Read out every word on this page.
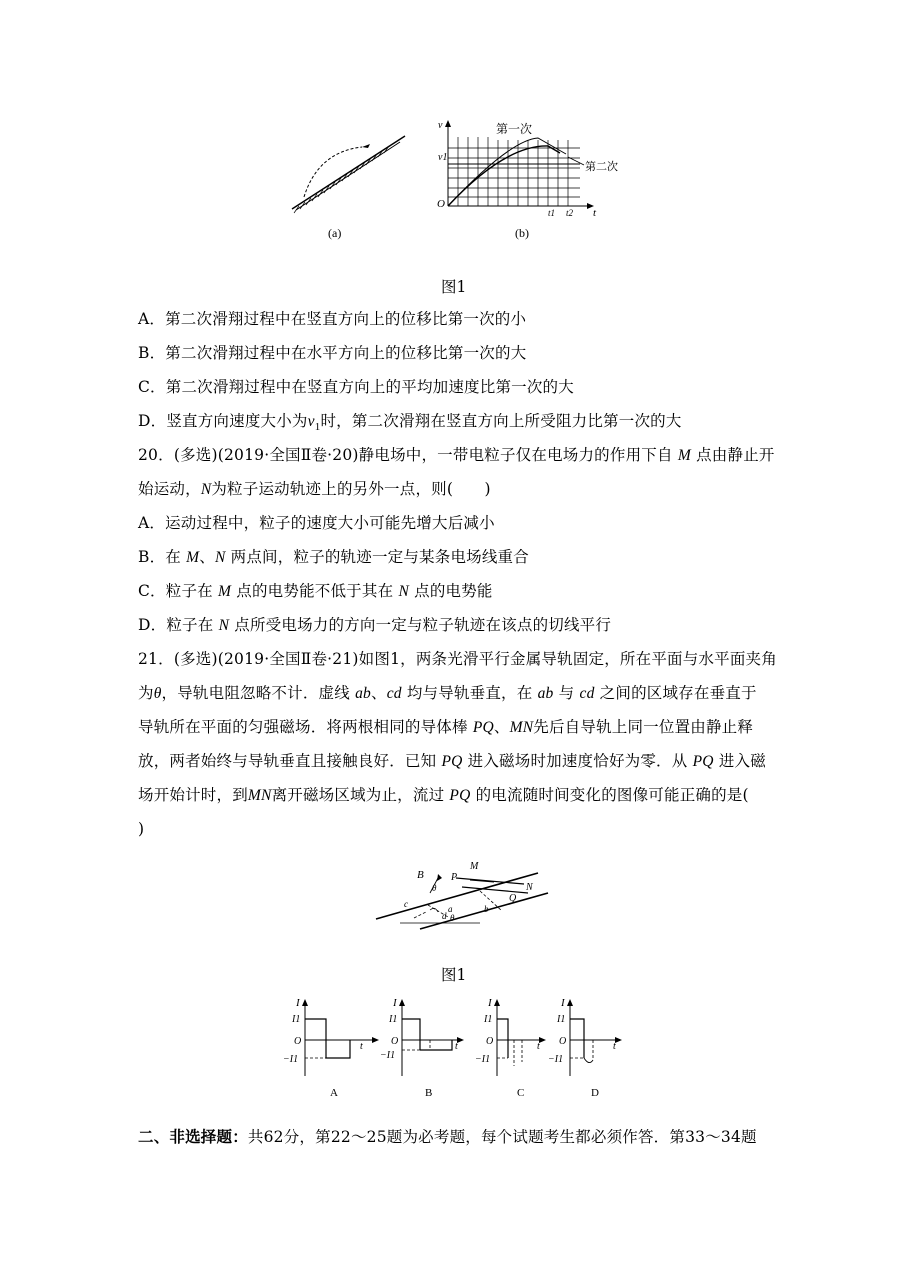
(a)
v
v1
O
t
t1 t2
第一次
第二次
(b)
图1
A．第二次滑翔过程中在竖直方向上的位移比第一次的小
B．第二次滑翔过程中在水平方向上的位移比第一次的大
C．第二次滑翔过程中在竖直方向上的平均加速度比第一次的大
D．竖直方向速度大小为$v_1$时，第二次滑翔在竖直方向上所受阻力比第一次的大
20．(多选)(2019·全国Ⅱ卷·20)静电场中，一带电粒子仅在电场力的作用下自 M 点由静止开
始运动，N为粒子运动轨迹上的另外一点，则(　　)
A．运动过程中，粒子的速度大小可能先增大后减小
B．在 M、N 两点间，粒子的轨迹一定与某条电场线重合
C．粒子在 M 点的电势能不低于其在 N 点的电势能
D．粒子在 N 点所受电场力的方向一定与粒子轨迹在该点的切线平行
21．(多选)(2019·全国Ⅱ卷·21)如图1，两条光滑平行金属导轨固定，所在平面与水平面夹角
为θ，导轨电阻忽略不计．虚线 ab、cd 均与导轨垂直，在 ab 与 cd 之间的区域存在垂直于
导轨所在平面的匀强磁场．将两根相同的导体棒 PQ、MN先后自导轨上同一位置由静止释
放，两者始终与导轨垂直且接触良好．已知 PQ 进入磁场时加速度恰好为零．从 PQ 进入磁
场开始计时，到MN离开磁场区域为止，流过 PQ 的电流随时间变化的图像可能正确的是(
)
B
M
P
N
Q
θ
c	a
d
b
θ
图1
I
I1
O
−I1
t
A
I
I1
O
−I1
t
B
I
I1
O
−I1
t
C
I
I1
O
−I1
t
D
二、非选择题：共62分，第22～25题为必考题，每个试题考生都必须作答．第33～34题
